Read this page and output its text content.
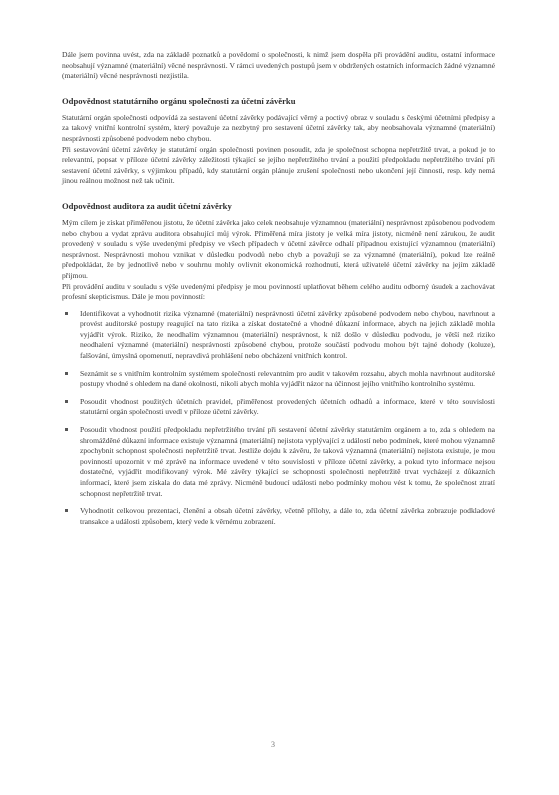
Dále jsem povinna uvést, zda na základě poznatků a povědomí o společnosti, k nimž jsem dospěla při provádění auditu, ostatní informace neobsahují významné (materiální) věcné nesprávnosti. V rámci uvedených postupů jsem v obdržených ostatních informacích žádné významné (materiální) věcné nesprávnosti nezjistila.

Odpovědnost statutárního orgánu společnosti za účetní závěrku

Statutární orgán společnosti odpovídá za sestavení účetní závěrky podávající věrný a poctivý obraz v souladu s českými účetními předpisy a za takový vnitřní kontrolní systém, který považuje za nezbytný pro sestavení účetní závěrky tak, aby neobsahovala významné (materiální) nesprávnosti způsobené podvodem nebo chybou.

Při sestavování účetní závěrky je statutární orgán společnosti povinen posoudit, zda je společnost schopna nepřetržitě trvat, a pokud je to relevantní, popsat v příloze účetní závěrky záležitosti týkající se jejího nepřetržitého trvání a použití předpokladu nepřetržitého trvání při sestavení účetní závěrky, s výjimkou případů, kdy statutární orgán plánuje zrušení společnosti nebo ukončení její činnosti, resp. kdy nemá jinou reálnou možnost než tak učinit.

Odpovědnost auditora za audit účetní závěrky

Mým cílem je získat přiměřenou jistotu, že účetní závěrka jako celek neobsahuje významnou (materiální) nesprávnost způsobenou podvodem nebo chybou a vydat zprávu auditora obsahující můj výrok. Přiměřená míra jistoty je velká míra jistoty, nicméně není zárukou, že audit provedený v souladu s výše uvedenými předpisy ve všech případech v účetní závěrce odhalí případnou existující významnou (materiální) nesprávnost. Nesprávnosti mohou vznikat v důsledku podvodů nebo chyb a považují se za významné (materiální), pokud lze reálně předpokládat, že by jednotlivě nebo v souhrnu mohly ovlivnit ekonomická rozhodnutí, která uživatelé účetní závěrky na jejím základě přijmou.

Při provádění auditu v souladu s výše uvedenými předpisy je mou povinností uplatňovat během celého auditu odborný úsudek a zachovávat profesní skepticismus. Dále je mou povinností:

Identifikovat a vyhodnotit rizika významné (materiální) nesprávnosti účetní závěrky způsobené podvodem nebo chybou, navrhnout a provést auditorské postupy reagující na tato rizika a získat dostatečné a vhodné důkazní informace, abych na jejich základě mohla vyjádřit výrok. Riziko, že neodhalím významnou (materiální) nesprávnost, k níž došlo v důsledku podvodu, je větší než riziko neodhalení významné (materiální) nesprávnosti způsobené chybou, protože součástí podvodu mohou být tajné dohody (koluze), falšování, úmyslná opomenutí, nepravdivá prohlášení nebo obcházení vnitřních kontrol.

Seznámit se s vnitřním kontrolním systémem společnosti relevantním pro audit v takovém rozsahu, abych mohla navrhnout auditorské postupy vhodné s ohledem na dané okolnosti, nikoli abych mohla vyjádřit názor na účinnost jejího vnitřního kontrolního systému.

Posoudit vhodnost použitých účetních pravidel, přiměřenost provedených účetních odhadů a informace, které v této souvislosti statutární orgán společnosti uvedl v příloze účetní závěrky.

Posoudit vhodnost použití předpokladu nepřetržitého trvání při sestavení účetní závěrky statutárním orgánem a to, zda s ohledem na shromážděné důkazní informace existuje významná (materiální) nejistota vyplývající z událostí nebo podmínek, které mohou významně zpochybnit schopnost společnosti nepřetržitě trvat. Jestliže dojdu k závěru, že taková významná (materiální) nejistota existuje, je mou povinností upozornit v mé zprávě na informace uvedené v této souvislosti v příloze účetní závěrky, a pokud tyto informace nejsou dostatečné, vyjádřit modifikovaný výrok. Mé závěry týkající se schopnosti společnosti nepřetržitě trvat vycházejí z důkazních informací, které jsem získala do data mé zprávy. Nicméně budoucí události nebo podmínky mohou vést k tomu, že společnost ztratí schopnost nepřetržitě trvat.

Vyhodnotit celkovou prezentaci, členění a obsah účetní závěrky, včetně přílohy, a dále to, zda účetní závěrka zobrazuje podkladové transakce a události způsobem, který vede k věrnému zobrazení.

3
